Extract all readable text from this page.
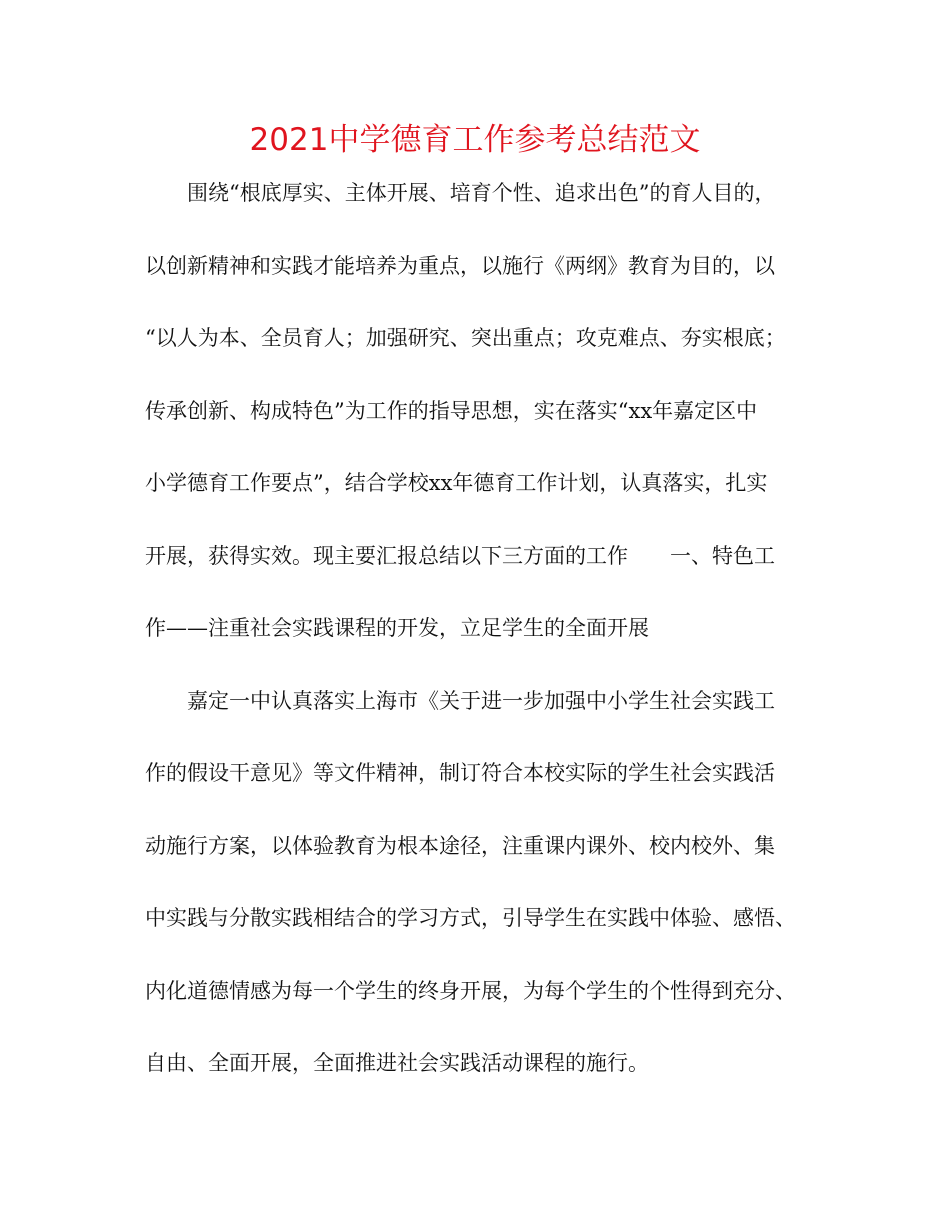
2021中学德育工作参考总结范文
围绕“根底厚实、主体开展、培育个性、追求出色”的育人目的，
以创新精神和实践才能培养为重点，以施行《两纲》教育为目的，以
“以人为本、全员育人；加强研究、突出重点；攻克难点、夯实根底；
传承创新、构成特色”为工作的指导思想，实在落实“xx年嘉定区中
小学德育工作要点”，结合学校xx年德育工作计划，认真落实，扎实
开展，获得实效。现主要汇报总结以下三方面的工作　　一、特色工
作——注重社会实践课程的开发，立足学生的全面开展
嘉定一中认真落实上海市《关于进一步加强中小学生社会实践工
作的假设干意见》等文件精神，制订符合本校实际的学生社会实践活
动施行方案，以体验教育为根本途径，注重课内课外、校内校外、集
中实践与分散实践相结合的学习方式，引导学生在实践中体验、感悟、
内化道德情感为每一个学生的终身开展，为每个学生的个性得到充分、
自由、全面开展，全面推进社会实践活动课程的施行。
